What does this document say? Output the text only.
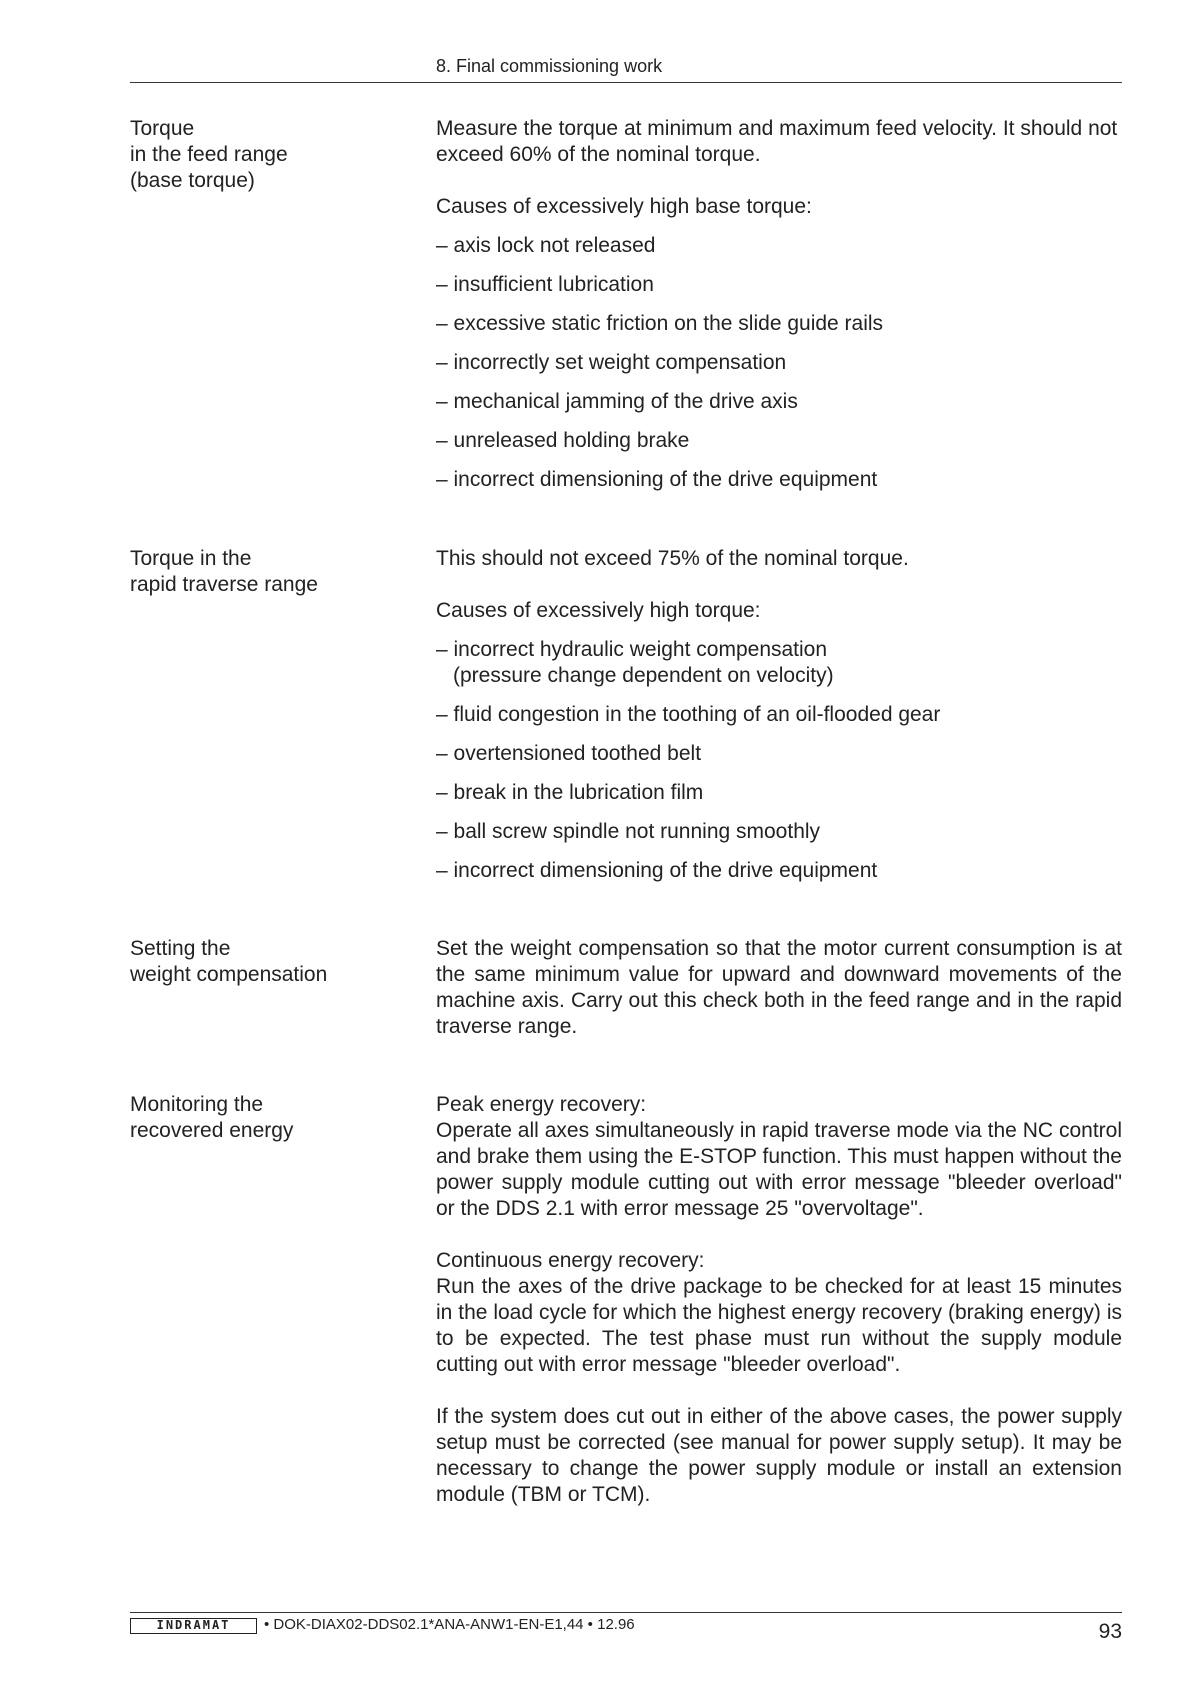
8. Final commissioning work
Torque
in the feed range
(base torque)

Measure the torque at minimum and maximum feed velocity. It should not exceed 60% of the nominal torque.

Causes of excessively high base torque:

– axis lock not released
– insufficient lubrication
– excessive static friction on the slide guide rails
– incorrectly set weight compensation
– mechanical jamming of the drive axis
– unreleased holding brake
– incorrect dimensioning of the drive equipment
Torque in the
rapid traverse range

This should not exceed 75% of the nominal torque.

Causes of excessively high torque:

– incorrect hydraulic weight compensation
(pressure change dependent on velocity)
– fluid congestion in the toothing of an oil-flooded gear
– overtensioned toothed belt
– break in the lubrication film
– ball screw spindle not running smoothly
– incorrect dimensioning of the drive equipment
Setting the
weight compensation

Set the weight compensation so that the motor current consumption is at the same minimum value for upward and downward movements of the machine axis. Carry out this check both in the feed range and in the rapid traverse range.

Monitoring the
recovered energy

Peak energy recovery:
Operate all axes simultaneously in rapid traverse mode via the NC control and brake them using the E-STOP function. This must happen without the power supply module cutting out with error message "bleeder overload" or the DDS 2.1 with error message 25 "overvoltage".

Continuous energy recovery:
Run the axes of the drive package to be checked for at least 15 minutes in the load cycle for which the highest energy recovery (braking energy) is to be expected. The test phase must run without the supply module cutting out with error message "bleeder overload".

If the system does cut out in either of the above cases, the power supply setup must be corrected (see manual for power supply setup). It may be necessary to change the power supply module or install an extension module (TBM or TCM).

INDRAMAT	• DOK-DIAX02-DDS02.1*ANA-ANW1-EN-E1,44 • 12.96	93
